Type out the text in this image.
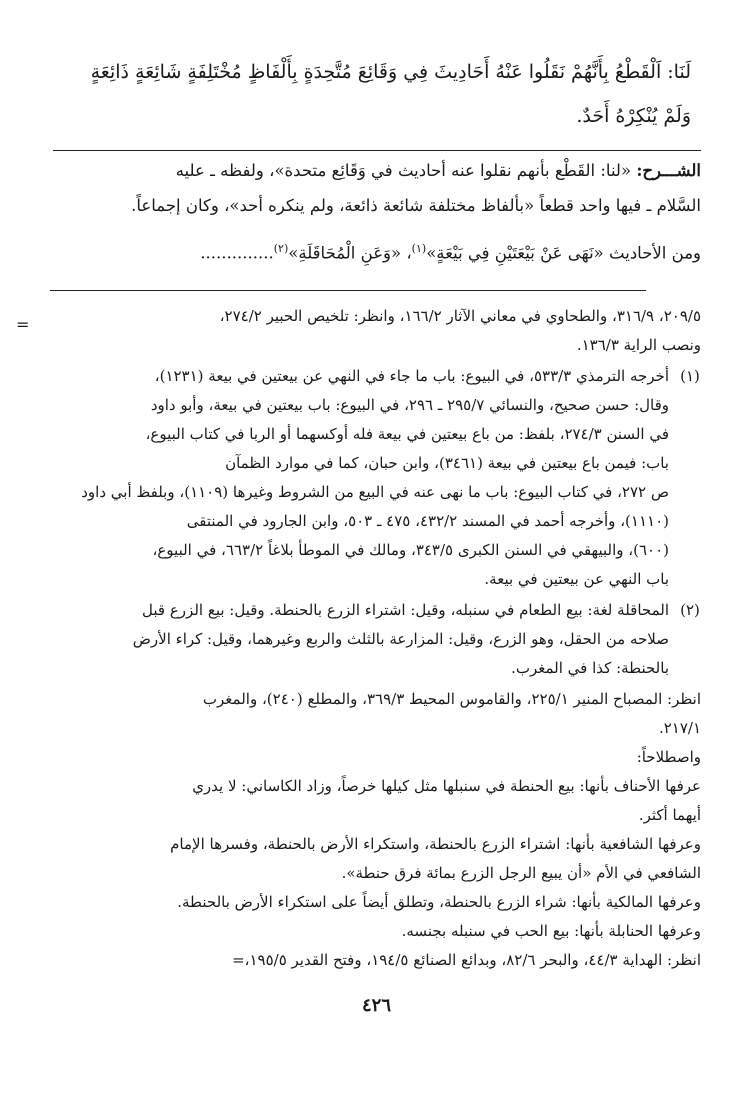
لَنَا: اَلْقَطْعُ بِأَنَّهُمْ نَقَلُوا عَنْهُ أَحَادِيثَ فِي وَقَائِعَ مُتَّحِدَةٍ بِأَلْفَاظٍ مُخْتَلِفَةٍ شَائِعَةٍ ذَائِعَةٍ
وَلَمْ يُنْكِرْهُ أَحَدٌ.

الشـــرح: «لنا: القَطْع بأنهم نقلوا عنه أحاديث في وَقَائِع متحدة»، ولفظه ـ عليه

السَّلام ـ فيها واحد قطعاً «بألفاظ مختلفة شائعة ذائعة، ولم ينكره أحد»، وكان إجماعاً.

ومن الأحاديث «نَهَى عَنْ بَيْعَتَيْنِ فِي بَيْعَةٍ»$^{(١)}$، «وَعَنِ الْمُحَاقَلَةِ»$^{(٢)}$..............

=	٢٠٩/٥، ٣١٦/٩، والطحاوي في معاني الآثار ١٦٦/٢، وانظر: تلخيص الحبير ٢٧٤/٢،
ونصب الراية ١٣٦/٣.
(١)
أخرجه الترمذي ٥٣٣/٣، في البيوع: باب ما جاء في النهي عن بيعتين في بيعة (١٢٣١)،
وقال: حسن صحيح، والنسائي ٢٩٥/٧ ـ ٢٩٦، في البيوع: باب بيعتين في بيعة، وأبو داود
في السنن ٢٧٤/٣، بلفظ: من باع بيعتين في بيعة فله أوكسهما أو الربا في كتاب البيوع،
باب: فيمن باع بيعتين في بيعة (٣٤٦١)، وابن حبان، كما في موارد الظمآن
ص ٢٧٢، في كتاب البيوع: باب ما نهى عنه في البيع من الشروط وغيرها (١١٠٩)، وبلفظ أبي داود
(١١١٠)، وأخرجه أحمد في المسند ٤٣٢/٢، ٤٧٥ ـ ٥٠٣، وابن الجارود في المنتقى
(٦٠٠)، والبيهقي في السنن الكبرى ٣٤٣/٥، ومالك في الموطأ بلاغاً ٦٦٣/٢، في البيوع،
باب النهي عن بيعتين في بيعة.
(٢)
المحاقلة لغة: بيع الطعام في سنبله، وقيل: اشتراء الزرع بالحنطة. وقيل: بيع الزرع قبل
صلاحه من الحقل، وهو الزرع، وقيل: المزارعة بالثلث والربع وغيرهما، وقيل: كراء الأرض
بالحنطة: كذا في المغرب.
انظر: المصباح المنير ٢٢٥/١، والقاموس المحيط ٣٦٩/٣، والمطلع (٢٤٠)، والمغرب
٢١٧/١.
واصطلاحاً:
عرفها الأحناف بأنها: بيع الحنطة في سنبلها مثل كيلها خرصاً، وزاد الكاساني: لا يدري
أيهما أكثر.
وعرفها الشافعية بأنها: اشتراء الزرع بالحنطة، واستكراء الأرض بالحنطة، وفسرها الإمام
الشافعي في الأم «أن يبيع الرجل الزرع بمائة فرق حنطة».
وعرفها المالكية بأنها: شراء الزرع بالحنطة، وتطلق أيضاً على استكراء الأرض بالحنطة.
وعرفها الحنابلة بأنها: بيع الحب في سنبله بجنسه.
انظر: الهداية ٤٤/٣، والبحر ٨٢/٦، وبدائع الصنائع ١٩٤/٥، وفتح القدير ١٩٥/٥،=
٤٢٦
